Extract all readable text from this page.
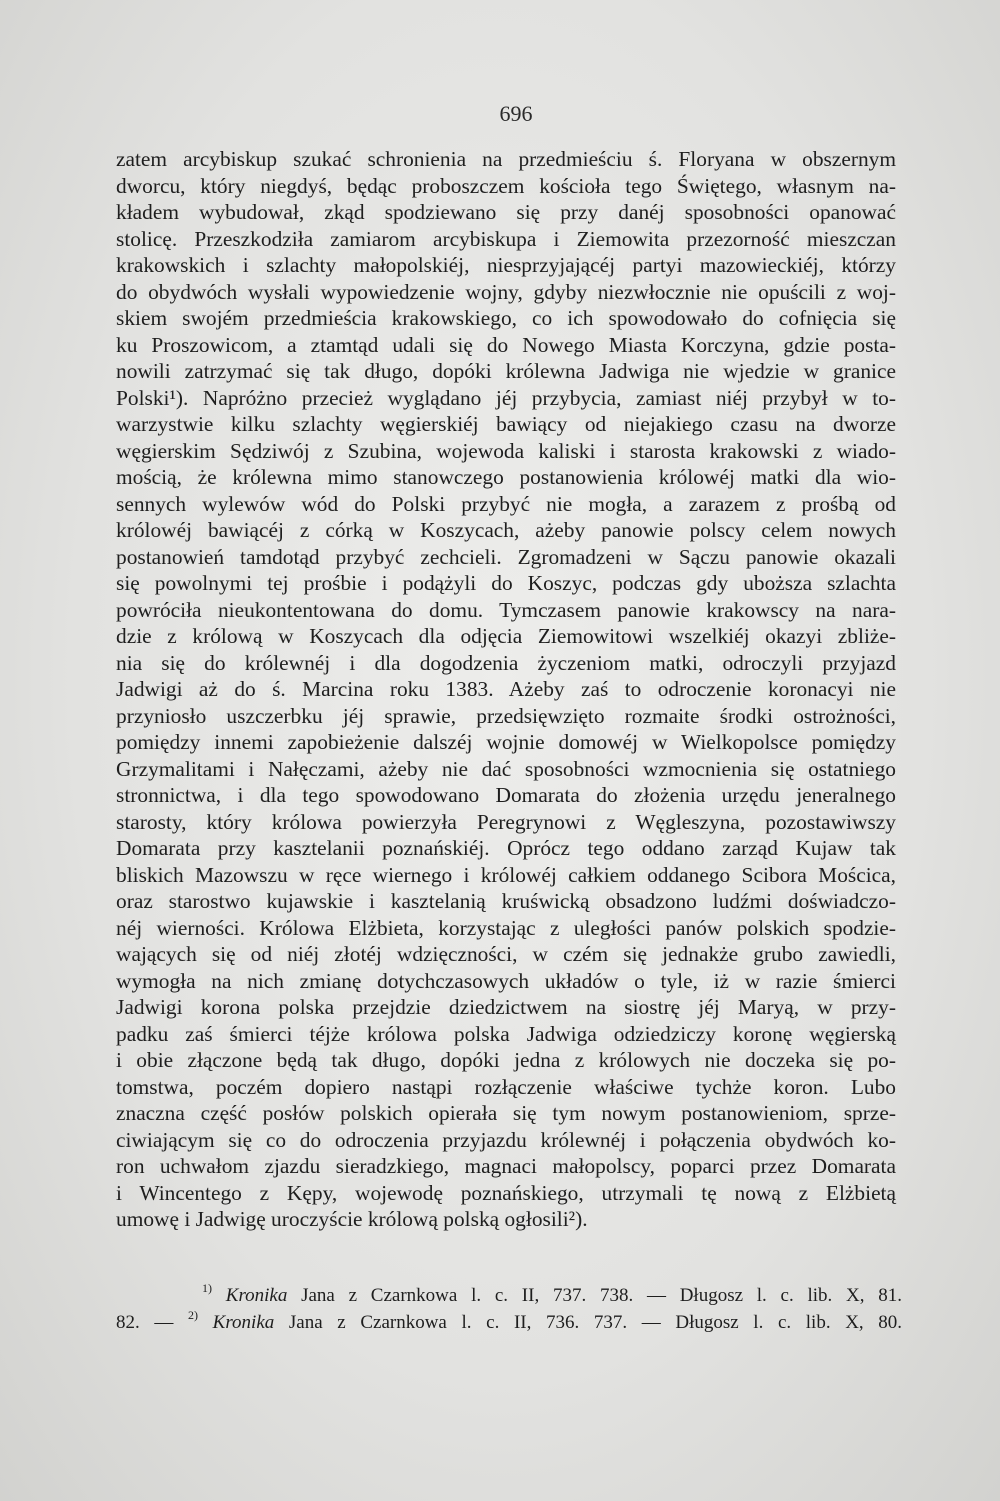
696
zatem arcybiskup szukać schronienia na przedmieściu ś. Floryana w obszernym
dworcu, który niegdyś, będąc proboszczem kościoła tego Świętego, własnym na-
kładem wybudował, zkąd spodziewano się przy danéj sposobności opanować
stolicę. Przeszkodziła zamiarom arcybiskupa i Ziemowita przezorność mieszczan
krakowskich i szlachty małopolskiéj, niesprzyjającéj partyi mazowieckiéj, którzy
do obydwóch wysłali wypowiedzenie wojny, gdyby niezwłocznie nie opuścili z woj-
skiem swojém przedmieścia krakowskiego, co ich spowodowało do cofnięcia się
ku Proszowicom, a ztamtąd udali się do Nowego Miasta Korczyna, gdzie posta-
nowili zatrzymać się tak długo, dopóki królewna Jadwiga nie wjedzie w granice
Polski¹). Napróżno przecież wyglądano jéj przybycia, zamiast niéj przybył w to-
warzystwie kilku szlachty węgierskiéj bawiący od niejakiego czasu na dworze
węgierskim Sędziwój z Szubina, wojewoda kaliski i starosta krakowski z wiado-
mością, że królewna mimo stanowczego postanowienia królowéj matki dla wio-
sennych wylewów wód do Polski przybyć nie mogła, a zarazem z prośbą od
królowéj bawiącéj z córką w Koszycach, ażeby panowie polscy celem nowych
postanowień tamdotąd przybyć zechcieli. Zgromadzeni w Sączu panowie okazali
się powolnymi tej prośbie i podążyli do Koszyc, podczas gdy uboższa szlachta
powróciła nieukontentowana do domu. Tymczasem panowie krakowscy na nara-
dzie z królową w Koszycach dla odjęcia Ziemowitowi wszelkiéj okazyi zbliże-
nia się do królewnéj i dla dogodzenia życzeniom matki, odroczyli przyjazd
Jadwigi aż do ś. Marcina roku 1383. Ażeby zaś to odroczenie koronacyi nie
przyniosło uszczerbku jéj sprawie, przedsięwzięto rozmaite środki ostrożności,
pomiędzy innemi zapobieżenie dalszéj wojnie domowéj w Wielkopolsce pomiędzy
Grzymalitami i Nałęczami, ażeby nie dać sposobności wzmocnienia się ostatniego
stronnictwa, i dla tego spowodowano Domarata do złożenia urzędu jeneralnego
starosty, który królowa powierzyła Peregrynowi z Węgleszyna, pozostawiwszy
Domarata przy kasztelanii poznańskiéj. Oprócz tego oddano zarząd Kujaw tak
bliskich Mazowszu w ręce wiernego i królowéj całkiem oddanego Scibora Mościca,
oraz starostwo kujawskie i kasztelanią kruświcką obsadzono ludźmi doświadczo-
néj wierności. Królowa Elżbieta, korzystając z uległości panów polskich spodzie-
wających się od niéj złotéj wdzięczności, w czém się jednakże grubo zawiedli,
wymogła na nich zmianę dotychczasowych układów o tyle, iż w razie śmierci
Jadwigi korona polska przejdzie dziedzictwem na siostrę jéj Maryą, w przy-
padku zaś śmierci téjże królowa polska Jadwiga odziedziczy koronę węgierską
i obie złączone będą tak długo, dopóki jedna z królowych nie doczeka się po-
tomstwa, poczém dopiero nastąpi rozłączenie właściwe tychże koron. Lubo
znaczna część posłów polskich opierała się tym nowym postanowieniom, sprze-
ciwiającym się co do odroczenia przyjazdu królewnéj i połączenia obydwóch ko-
ron uchwałom zjazdu sieradzkiego, magnaci małopolscy, poparci przez Domarata
i Wincentego z Kępy, wojewodę poznańskiego, utrzymali tę nową z Elżbietą
umowę i Jadwigę uroczyście królową polską ogłosili²).
$^{1)}$ Kronika Jana z Czarnkowa l. c. II, 737. 738. — Długosz l. c. lib. X, 81.
82. — $^{2)}$ Kronika Jana z Czarnkowa l. c. II, 736. 737. — Długosz l. c. lib. X, 80.
